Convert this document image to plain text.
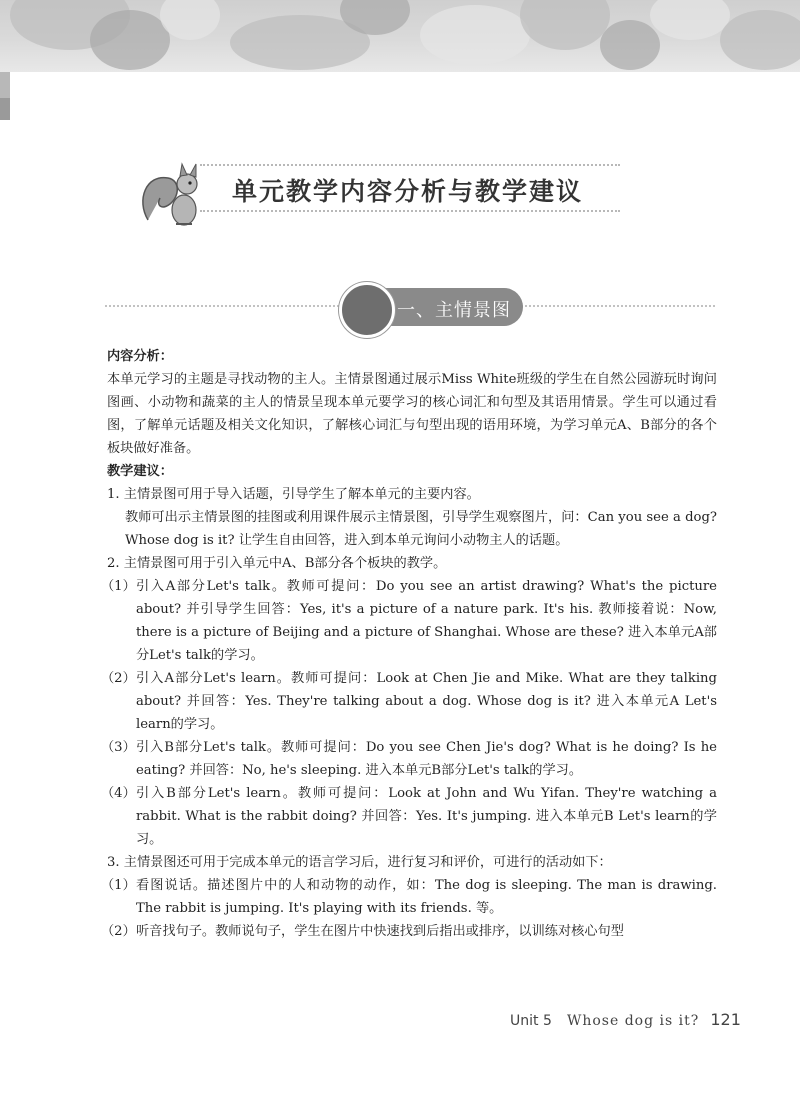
单元教学内容分析与教学建议
一、主情景图

内容分析：

本单元学习的主题是寻找动物的主人。主情景图通过展示Miss White班级的学生在自然公园游玩时询问图画、小动物和蔬菜的主人的情景呈现本单元要学习的核心词汇和句型及其语用情景。学生可以通过看图，了解单元话题及相关文化知识，了解核心词汇与句型出现的语用环境，为学习单元A、B部分的各个板块做好准备。

教学建议：

1. 主情景图可用于导入话题，引导学生了解本单元的主要内容。

教师可出示主情景图的挂图或利用课件展示主情景图，引导学生观察图片，问：Can you see a dog? Whose dog is it? 让学生自由回答，进入到本单元询问小动物主人的话题。

2. 主情景图可用于引入单元中A、B部分各个板块的教学。

（1） 引入A部分Let's talk。教师可提问：Do you see an artist drawing? What's the picture about? 并引导学生回答：Yes, it's a picture of a nature park. It's his. 教师接着说：Now, there is a picture of Beijing and a picture of Shanghai. Whose are these? 进入本单元A部分Let's talk的学习。
（2） 引入A部分Let's learn。教师可提问：Look at Chen Jie and Mike. What are they talking about? 并回答：Yes. They're talking about a dog. Whose dog is it? 进入本单元A Let's learn的学习。
（3） 引入B部分Let's talk。教师可提问：Do you see Chen Jie's dog? What is he doing? Is he eating? 并回答：No, he's sleeping. 进入本单元B部分Let's talk的学习。
（4） 引入B部分Let's learn。教师可提问：Look at John and Wu Yifan. They're watching a rabbit. What is the rabbit doing? 并回答：Yes. It's jumping. 进入本单元B Let's learn的学习。

3. 主情景图还可用于完成本单元的语言学习后，进行复习和评价，可进行的活动如下：

（1） 看图说话。描述图片中的人和动物的动作，如：The dog is sleeping. The man is drawing. The rabbit is jumping. It's playing with its friends. 等。
（2） 听音找句子。教师说句子，学生在图片中快速找到后指出或排序，以训练对核心句型
Unit 5 Whose dog is it? 121
